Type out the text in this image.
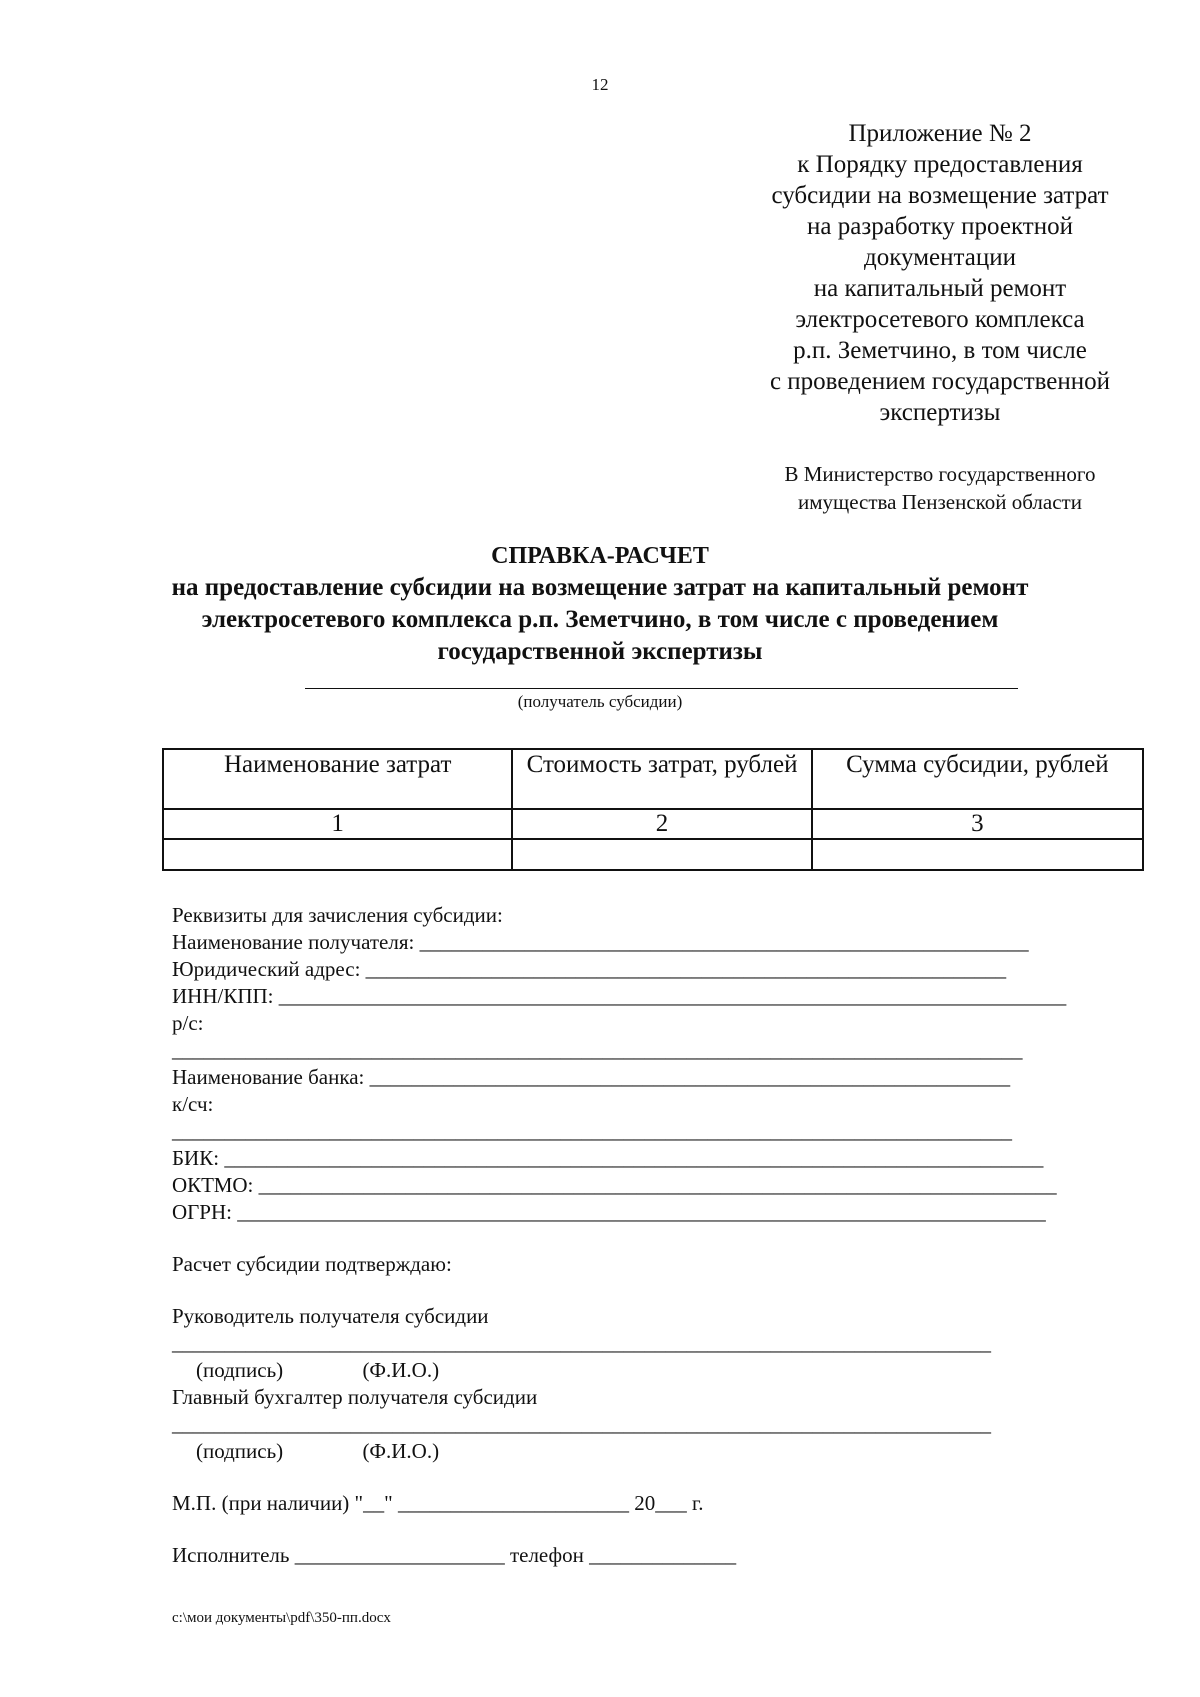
12
Приложение № 2
к Порядку предоставления
субсидии на возмещение затрат
на разработку проектной
документации
на капитальный ремонт
электросетевого комплекса
р.п. Земетчино, в том числе
с проведением государственной
экспертизы
В Министерство государственного
имущества Пензенской области
СПРАВКА-РАСЧЕТ
на предоставление субсидии на возмещение затрат на капитальный ремонт
электросетевого комплекса р.п. Земетчино, в том числе с проведением
государственной экспертизы
(получатель субсидии)
Наименование затрат	Стоимость затрат, рублей	Сумма субсидии, рублей
1	2	3

Реквизиты для зачисления субсидии:
Наименование получателя: __________________________________________________________
Юридический адрес: _____________________________________________________________
ИНН/КПП: ___________________________________________________________________________
р/с:
_________________________________________________________________________________
Наименование банка: _____________________________________________________________
к/сч:
________________________________________________________________________________
БИК: ______________________________________________________________________________
ОКТМО: ____________________________________________________________________________
ОГРН: _____________________________________________________________________________
Расчет субсидии подтверждаю:
Руководитель получателя субсидии
______________________________________________________________________________
(подпись)	(Ф.И.О.)
Главный бухгалтер получателя субсидии
______________________________________________________________________________
(подпись)	(Ф.И.О.)
М.П. (при наличии) "__" ______________________ 20___ г.
Исполнитель ____________________ телефон ______________
c:\мои документы\pdf\350-пп.docx
